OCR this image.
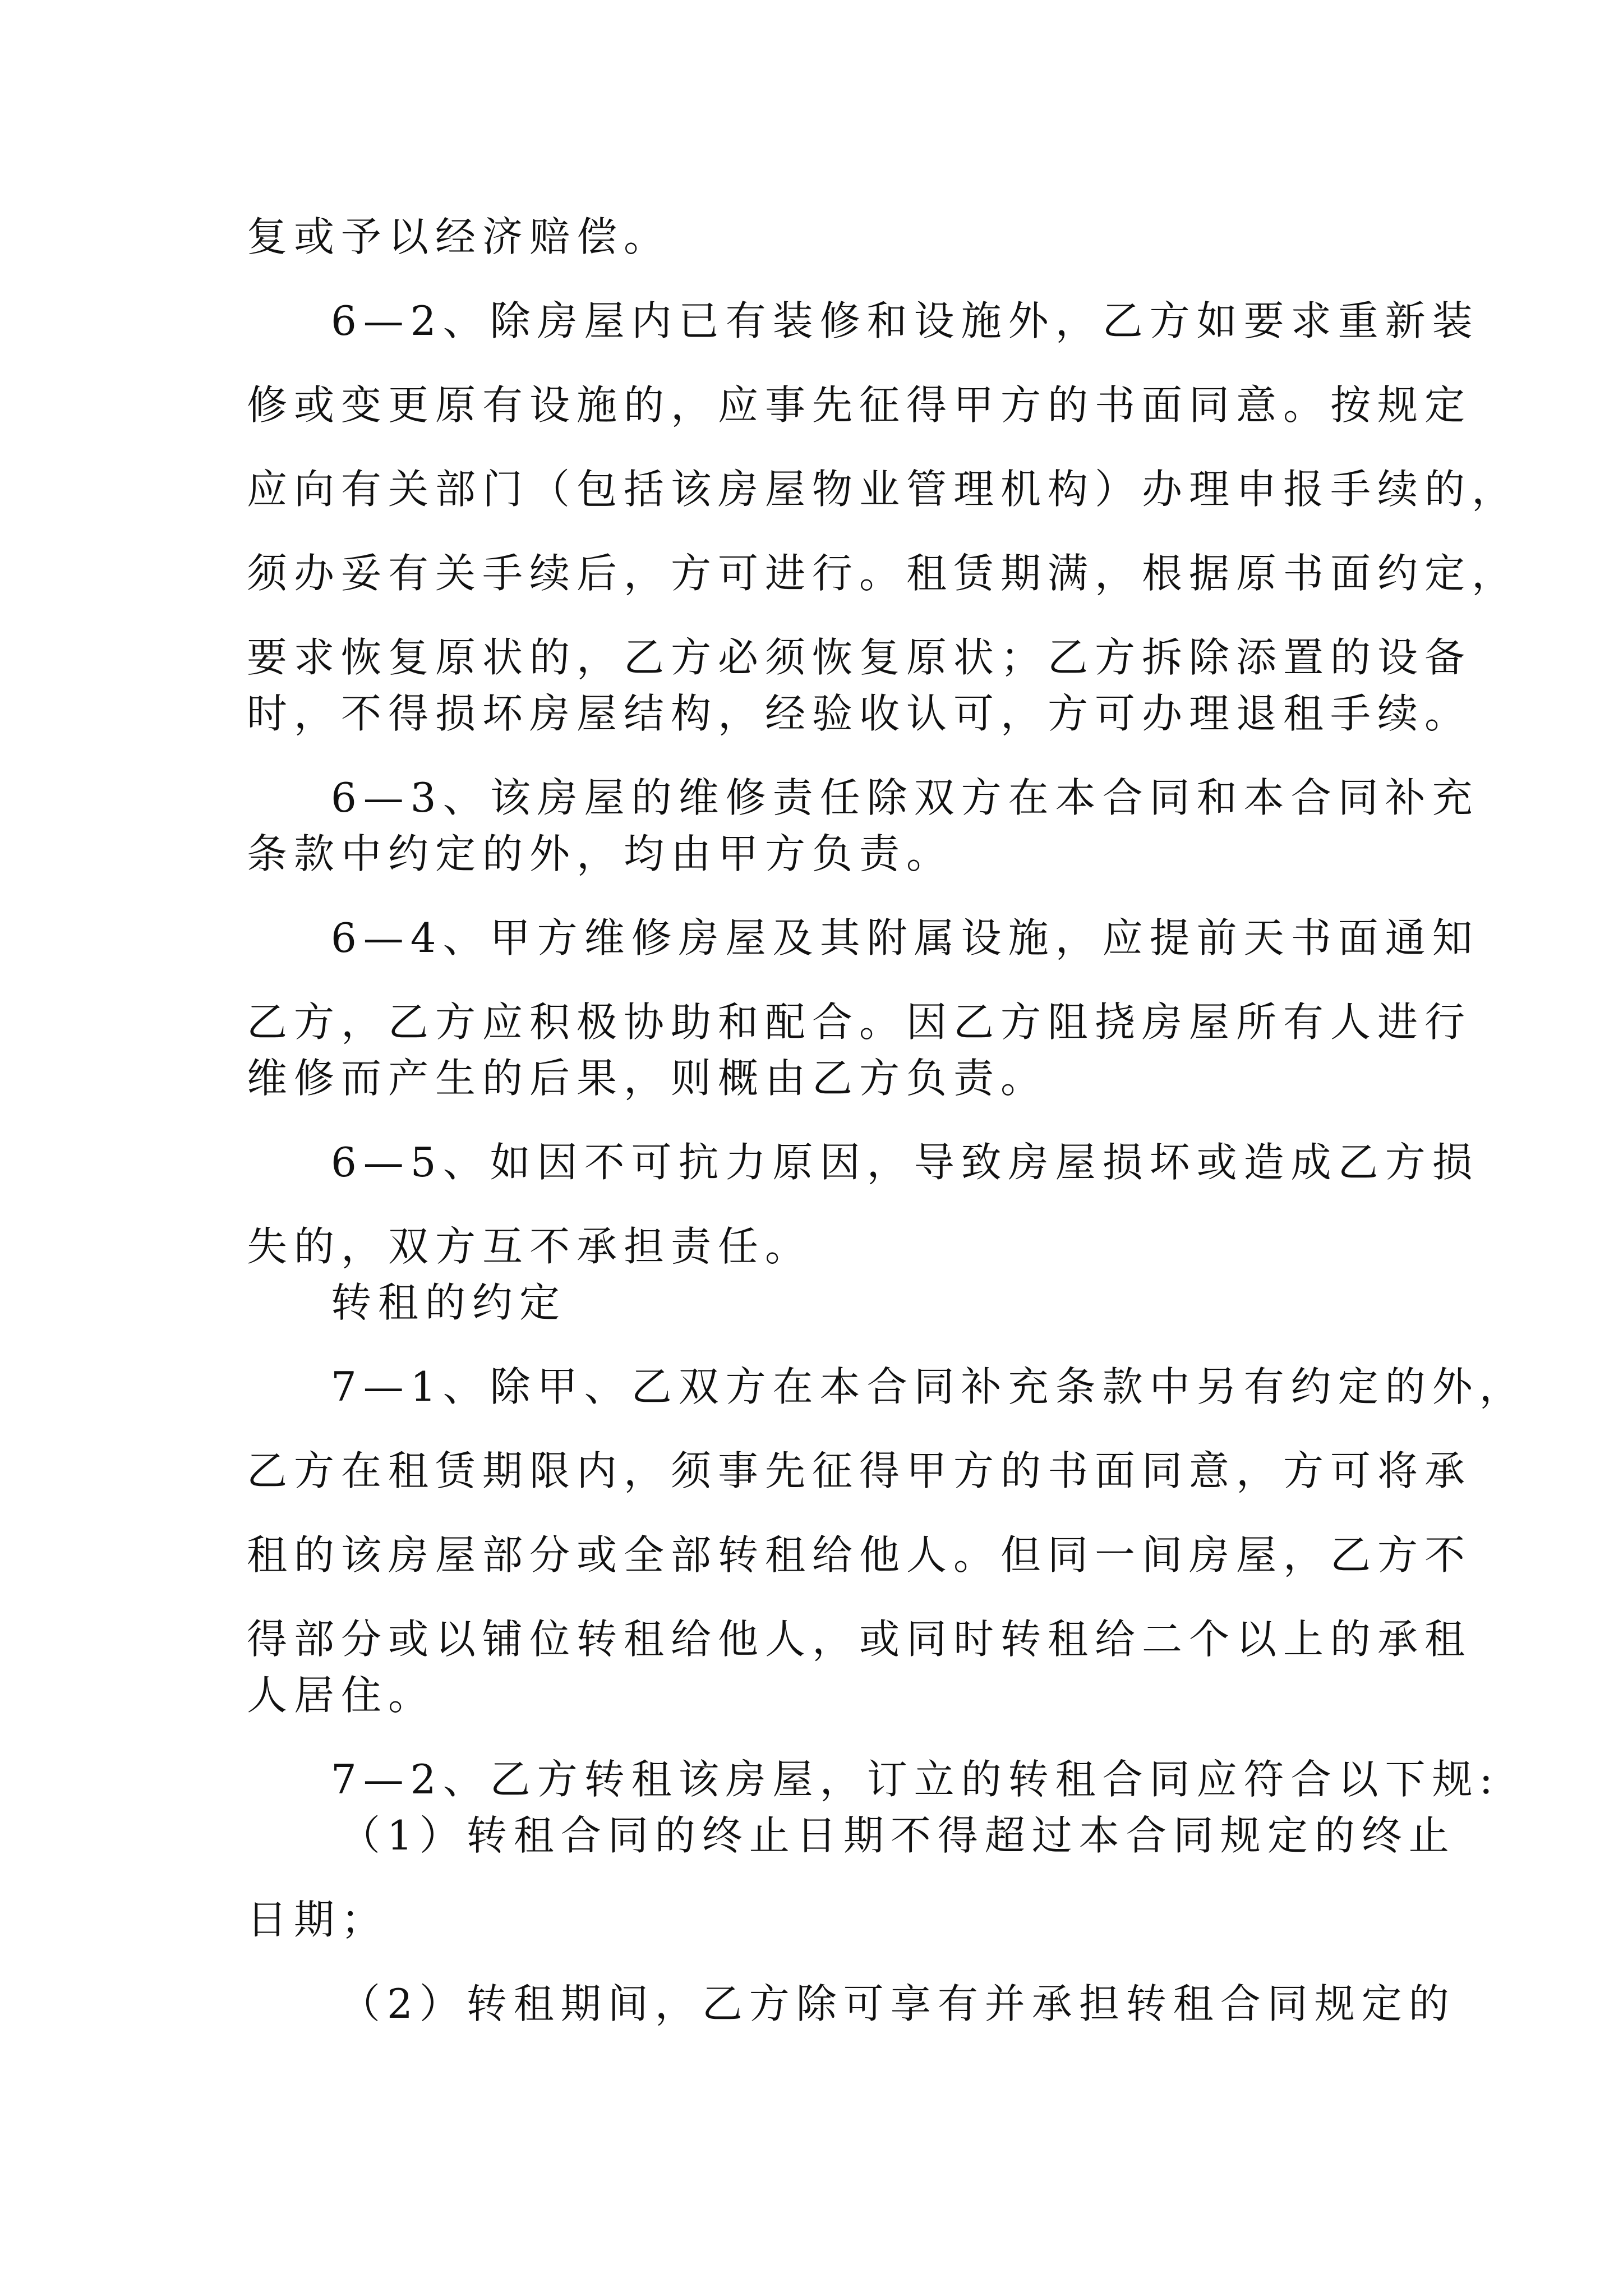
复或予以经济赔偿。
6—2、除房屋内已有装修和设施外，乙方如要求重新装
修或变更原有设施的，应事先征得甲方的书面同意。按规定
应向有关部门（包括该房屋物业管理机构）办理申报手续的，
须办妥有关手续后，方可进行。租赁期满，根据原书面约定，
要求恢复原状的，乙方必须恢复原状；乙方拆除添置的设备
时，不得损坏房屋结构，经验收认可，方可办理退租手续。
6—3、该房屋的维修责任除双方在本合同和本合同补充
条款中约定的外，均由甲方负责。
6—4、甲方维修房屋及其附属设施，应提前天书面通知
乙方，乙方应积极协助和配合。因乙方阻挠房屋所有人进行
维修而产生的后果，则概由乙方负责。
6—5、如因不可抗力原因，导致房屋损坏或造成乙方损
失的，双方互不承担责任。
转租的约定
7—1、除甲、乙双方在本合同补充条款中另有约定的外，
乙方在租赁期限内，须事先征得甲方的书面同意，方可将承
租的该房屋部分或全部转租给他人。但同一间房屋，乙方不
得部分或以铺位转租给他人，或同时转租给二个以上的承租
人居住。
7—2、乙方转租该房屋，订立的转租合同应符合以下规:
（1）转租合同的终止日期不得超过本合同规定的终止
日期；
（2）转租期间，乙方除可享有并承担转租合同规定的
